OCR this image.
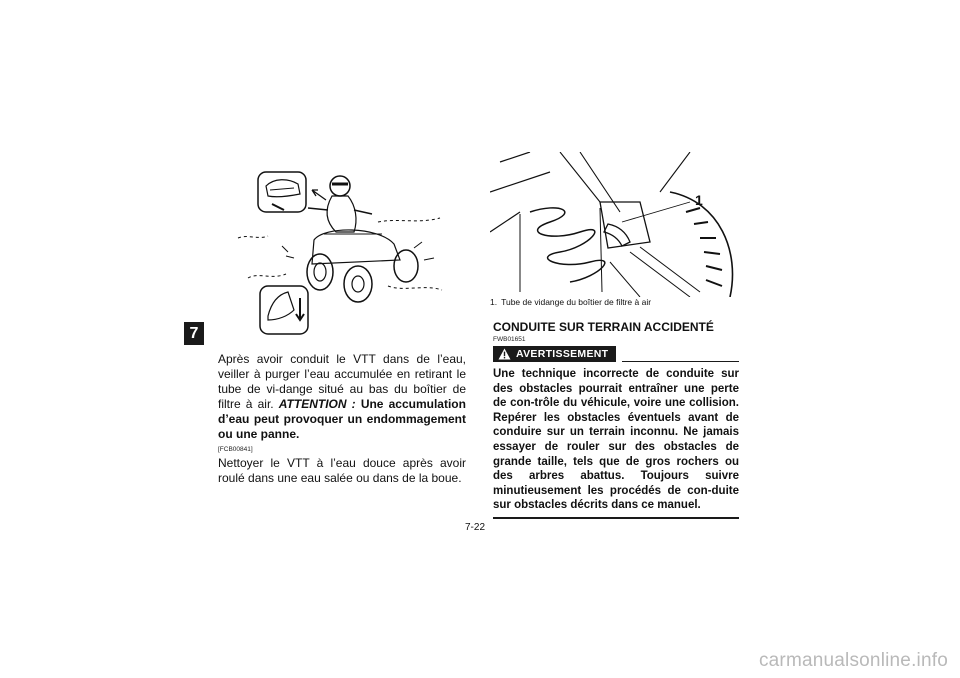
7
1
1. Tube de vidange du boîtier de filtre à air

Après avoir conduit le VTT dans de l’eau, veiller à purger l’eau accumulée en retirant le tube de vi-dange situé au bas du boîtier de filtre à air. ATTENTION : Une accumulation d’eau peut provoquer un endommagement ou une panne.

[FCB00841]

Nettoyer le VTT à l’eau douce après avoir roulé dans une eau salée ou dans de la boue.

CONDUITE SUR TERRAIN ACCIDENTÉ

FWB01651

AVERTISSEMENT

Une technique incorrecte de conduite sur des obstacles pourrait entraîner une perte de con-trôle du véhicule, voire une collision. Repérer les obstacles éventuels avant de conduire sur un terrain inconnu. Ne jamais essayer de rouler sur des obstacles de grande taille, tels que de gros rochers ou des arbres abattus. Toujours suivre minutieusement les procédés de con-duite sur obstacles décrits dans ce manuel.

7-22
carmanualsonline.info
